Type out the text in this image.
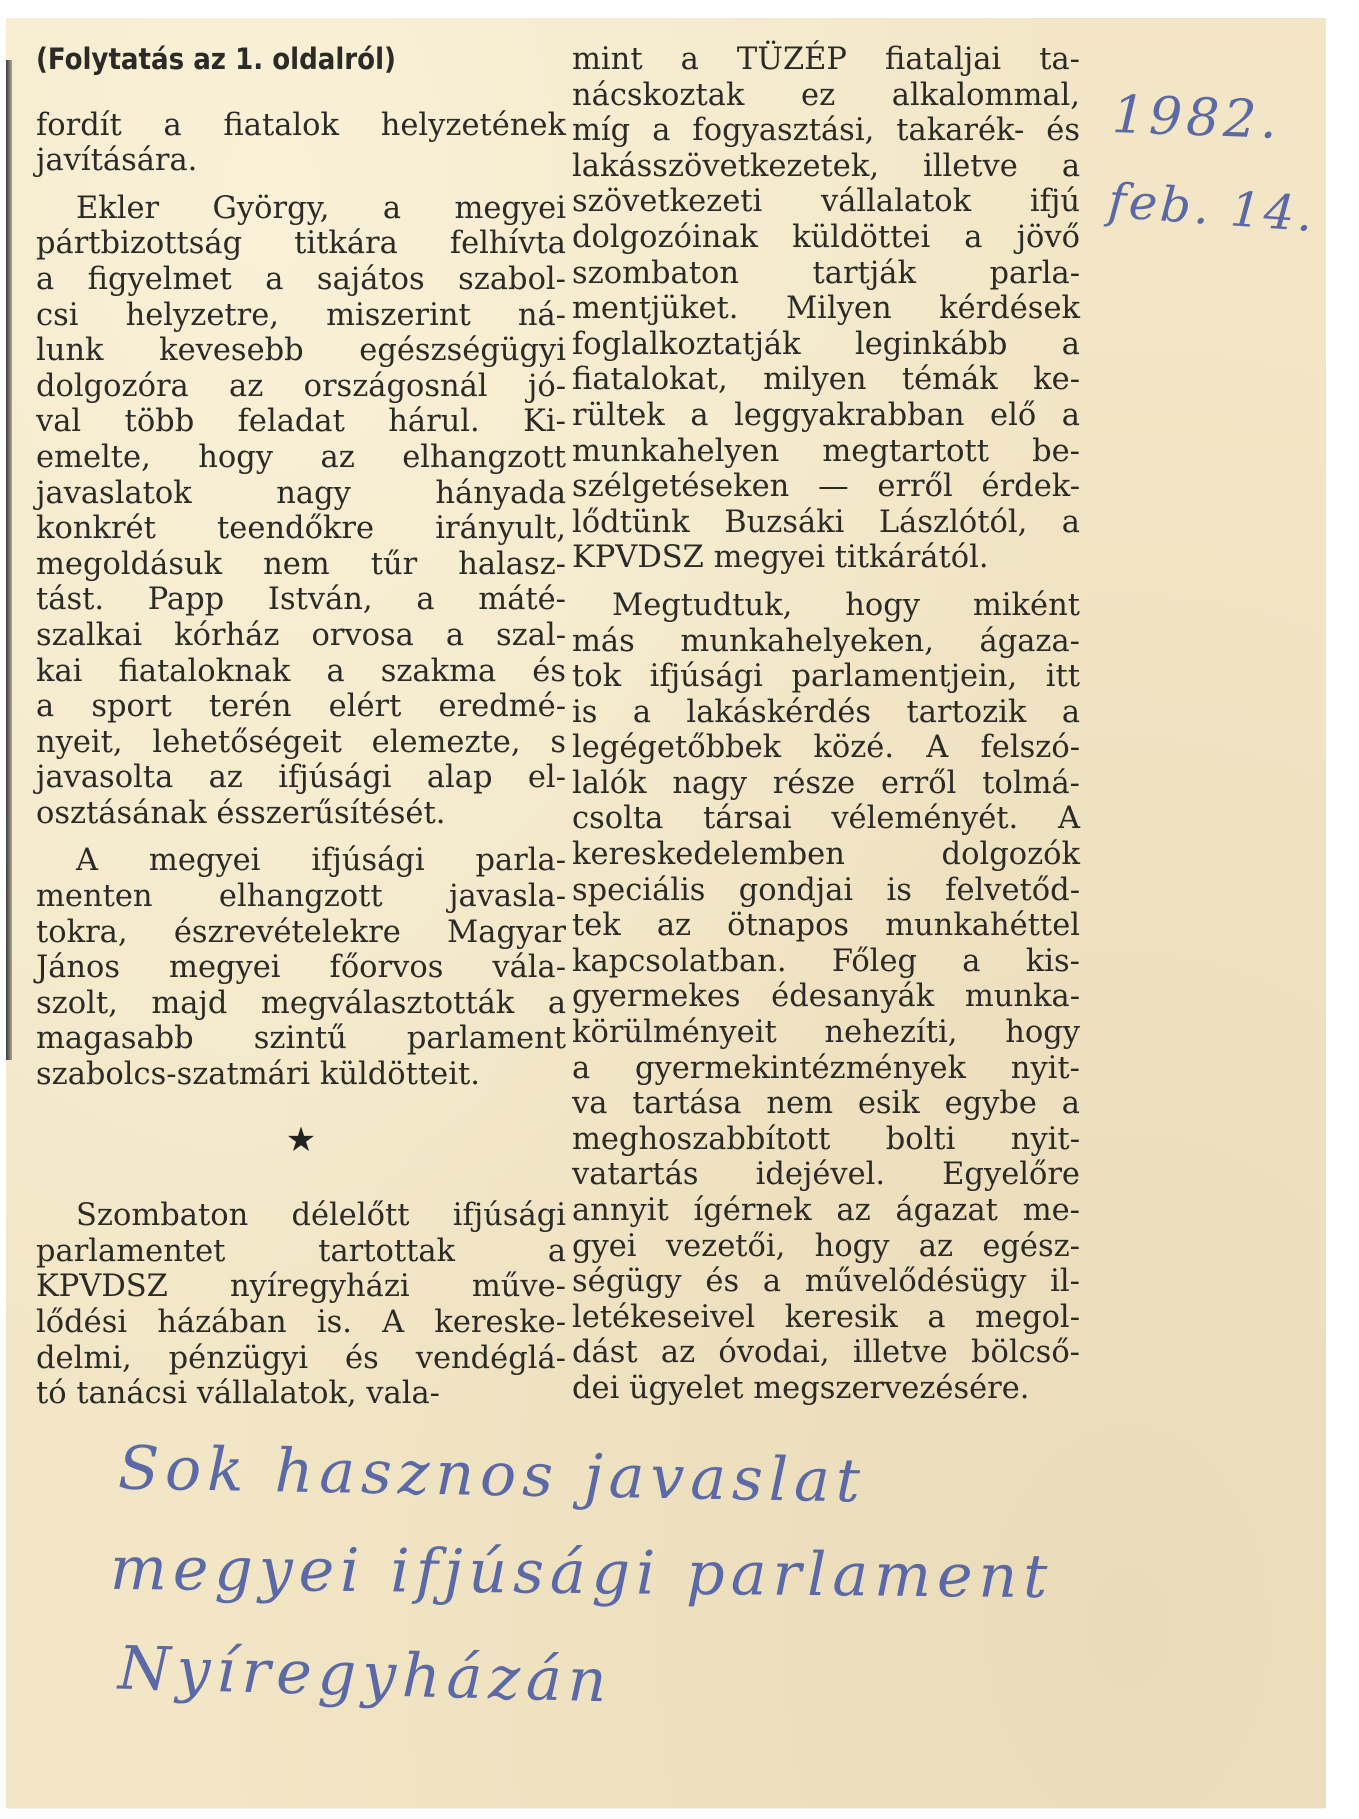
(Folytatás az 1. oldalról)

fordít a fiatalok helyzetének
javítására.

Ekler György, a megyei
pártbizottság titkára felhívta
a figyelmet a sajátos szabol-
csi helyzetre, miszerint ná-
lunk kevesebb egészségügyi
dolgozóra az országosnál jó-
val több feladat hárul. Ki-
emelte, hogy az elhangzott
javaslatok nagy hányada
konkrét teendőkre irányult,
megoldásuk nem tűr halasz-
tást. Papp István, a máté-
szalkai kórház orvosa a szal-
kai fiataloknak a szakma és
a sport terén elért eredmé-
nyeit, lehetőségeit elemezte, s
javasolta az ifjúsági alap el-
osztásának ésszerűsítését.

A megyei ifjúsági parla-
menten elhangzott javasla-
tokra, észrevételekre Magyar
János megyei főorvos vála-
szolt, majd megválasztották a
magasabb szintű parlament
szabolcs-szatmári küldötteit.

★

Szombaton délelőtt ifjúsági
parlamentet tartottak a
KPVDSZ nyíregyházi műve-
lődési házában is. A kereske-
delmi, pénzügyi és vendéglá-
tó tanácsi vállalatok, vala-

mint a TÜZÉP fiataljai ta-
nácskoztak ez alkalommal,
míg a fogyasztási, takarék- és
lakásszövetkezetek, illetve a
szövetkezeti vállalatok ifjú
dolgozóinak küldöttei a jövő
szombaton tartják parla-
mentjüket. Milyen kérdések
foglalkoztatják leginkább a
fiatalokat, milyen témák ke-
rültek a leggyakrabban elő a
munkahelyen megtartott be-
szélgetéseken — erről érdek-
lődtünk Buzsáki Lászlótól, a
KPVDSZ megyei titkárától.

Megtudtuk, hogy miként
más munkahelyeken, ágaza-
tok ifjúsági parlamentjein, itt
is a lakáskérdés tartozik a
legégetőbbek közé. A felszó-
lalók nagy része erről tolmá-
csolta társai véleményét. A
kereskedelemben dolgozók
speciális gondjai is felvetőd-
tek az ötnapos munkahéttel
kapcsolatban. Főleg a kis-
gyermekes édesanyák munka-
körülményeit nehezíti, hogy
a gyermekintézmények nyit-
va tartása nem esik egybe a
meghoszabbított bolti nyit-
vatartás idejével. Egyelőre
annyit ígérnek az ágazat me-
gyei vezetői, hogy az egész-
ségügy és a művelődésügy il-
letékeseivel keresik a megol-
dást az óvodai, illetve bölcső-
dei ügyelet megszervezésére.

1982.
feb. 14.
Sok hasznos javaslat
megyei ifjúsági parlament
Nyíregyházán
